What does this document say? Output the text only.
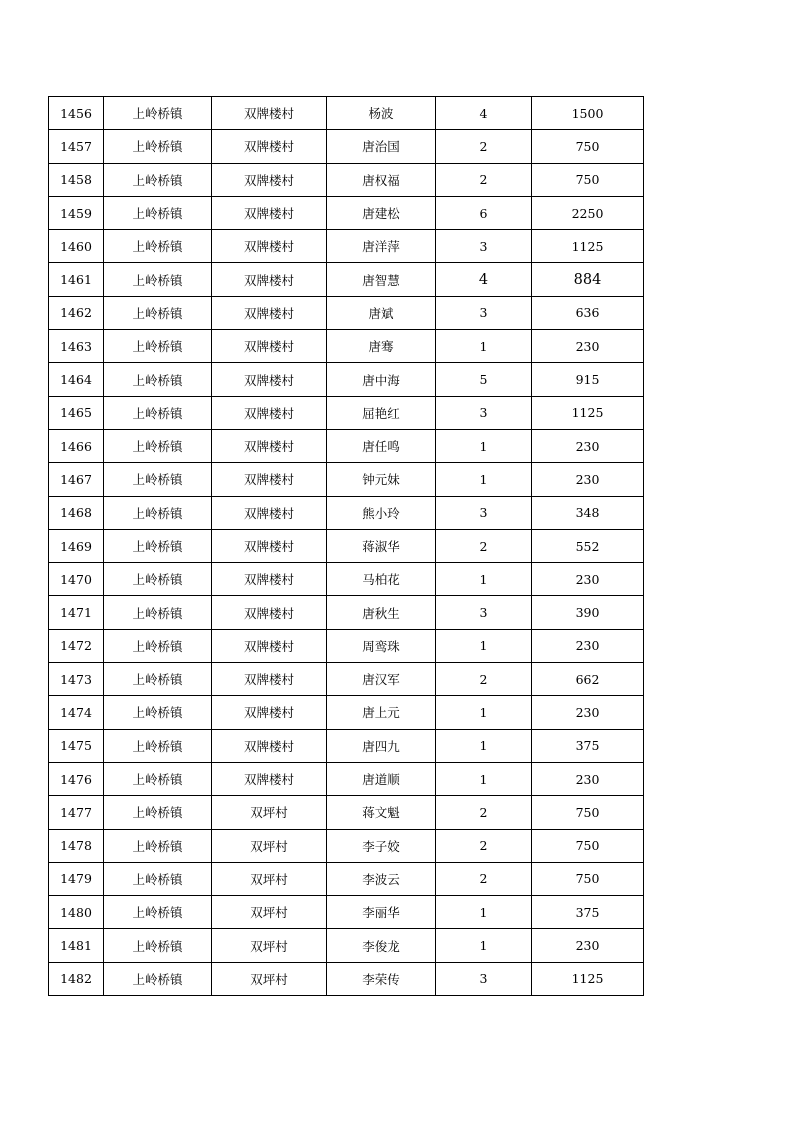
1456	上岭桥镇	双牌楼村	杨波	4	1500
1457	上岭桥镇	双牌楼村	唐治国	2	750
1458	上岭桥镇	双牌楼村	唐权福	2	750
1459	上岭桥镇	双牌楼村	唐建松	6	2250
1460	上岭桥镇	双牌楼村	唐洋萍	3	1125
1461	上岭桥镇	双牌楼村	唐智慧	4	884
1462	上岭桥镇	双牌楼村	唐斌	3	636
1463	上岭桥镇	双牌楼村	唐骞	1	230
1464	上岭桥镇	双牌楼村	唐中海	5	915
1465	上岭桥镇	双牌楼村	屈艳红	3	1125
1466	上岭桥镇	双牌楼村	唐任鸣	1	230
1467	上岭桥镇	双牌楼村	钟元妹	1	230
1468	上岭桥镇	双牌楼村	熊小玲	3	348
1469	上岭桥镇	双牌楼村	蒋淑华	2	552
1470	上岭桥镇	双牌楼村	马柏花	1	230
1471	上岭桥镇	双牌楼村	唐秋生	3	390
1472	上岭桥镇	双牌楼村	周鸾珠	1	230
1473	上岭桥镇	双牌楼村	唐汉军	2	662
1474	上岭桥镇	双牌楼村	唐上元	1	230
1475	上岭桥镇	双牌楼村	唐四九	1	375
1476	上岭桥镇	双牌楼村	唐道顺	1	230
1477	上岭桥镇	双坪村	蒋文魁	2	750
1478	上岭桥镇	双坪村	李子姣	2	750
1479	上岭桥镇	双坪村	李波云	2	750
1480	上岭桥镇	双坪村	李丽华	1	375
1481	上岭桥镇	双坪村	李俊龙	1	230
1482	上岭桥镇	双坪村	李荣传	3	1125
